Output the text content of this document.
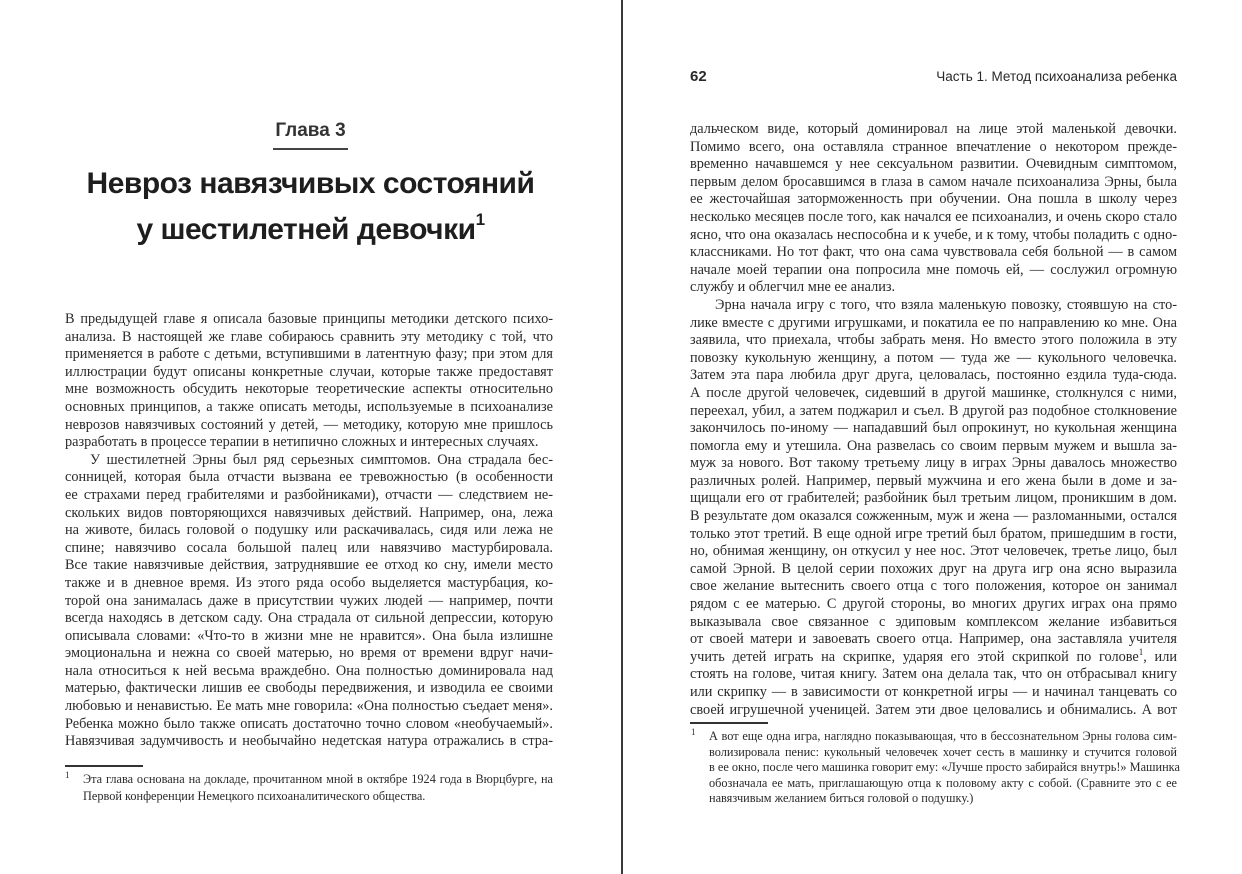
Глава 3
Невроз навязчивых состояний
у шестилетней девочки$^1$
В предыдущей главе я описала базовые принципы методики детского психо-
анализа. В настоящей же главе собираюсь сравнить эту методику с той, что
применяется в работе с детьми, вступившими в латентную фазу; при этом для
иллюстрации будут описаны конкретные случаи, которые также предоставят
мне возможность обсудить некоторые теоретические аспекты относительно
основных принципов, а также описать методы, используемые в психоанализе
неврозов навязчивых состояний у детей, — методику, которую мне пришлось
разработать в процессе терапии в нетипично сложных и интересных случаях.
У шестилетней Эрны был ряд серьезных симптомов. Она страдала бес-
сонницей, которая была отчасти вызвана ее тревожностью (в особенности
ее страхами перед грабителями и разбойниками), отчасти — следствием не-
скольких видов повторяющихся навязчивых действий. Например, она, лежа
на животе, билась головой о подушку или раскачивалась, сидя или лежа не
спине; навязчиво сосала большой палец или навязчиво мастурбировала.
Все такие навязчивые действия, затруднявшие ее отход ко сну, имели место
также и в дневное время. Из этого ряда особо выделяется мастурбация, ко-
торой она занималась даже в присутствии чужих людей — например, почти
всегда находясь в детском саду. Она страдала от сильной депрессии, которую
описывала словами: «Что-то в жизни мне не нравится». Она была излишне
эмоциональна и нежна со своей матерью, но время от времени вдруг начи-
нала относиться к ней весьма враждебно. Она полностью доминировала над
матерью, фактически лишив ее свободы передвижения, и изводила ее своими
любовью и ненавистью. Ее мать мне говорила: «Она полностью съедает меня».
Ребенка можно было также описать достаточно точно словом «необучаемый».
Навязчивая задумчивость и необычайно недетская натура отражались в стра-
1 Эта глава основана на докладе, прочитанном мной в октябре 1924 года в Вюрцбурге, на
Первой конференции Немецкого психоаналитического общества.
62	Часть 1. Метод психоанализа ребенка
дальческом виде, который доминировал на лице этой маленькой девочки.
Помимо всего, она оставляла странное впечатление о некотором прежде-
временно начавшемся у нее сексуальном развитии. Очевидным симптомом,
первым делом бросавшимся в глаза в самом начале психоанализа Эрны, была
ее жесточайшая заторможенность при обучении. Она пошла в школу через
несколько месяцев после того, как начался ее психоанализ, и очень скоро стало
ясно, что она оказалась неспособна и к учебе, и к тому, чтобы поладить с одно-
классниками. Но тот факт, что она сама чувствовала себя больной — в самом
начале моей терапии она попросила мне помочь ей, — сослужил огромную
службу и облегчил мне ее анализ.
Эрна начала игру с того, что взяла маленькую повозку, стоявшую на сто-
лике вместе с другими игрушками, и покатила ее по направлению ко мне. Она
заявила, что приехала, чтобы забрать меня. Но вместо этого положила в эту
повозку кукольную женщину, а потом — туда же — кукольного человечка.
Затем эта пара любила друг друга, целовалась, постоянно ездила туда-сюда.
А после другой человечек, сидевший в другой машинке, столкнулся с ними,
переехал, убил, а затем поджарил и съел. В другой раз подобное столкновение
закончилось по-иному — нападавший был опрокинут, но кукольная женщина
помогла ему и утешила. Она развелась со своим первым мужем и вышла за-
муж за нового. Вот такому третьему лицу в играх Эрны давалось множество
различных ролей. Например, первый мужчина и его жена были в доме и за-
щищали его от грабителей; разбойник был третьим лицом, проникшим в дом.
В результате дом оказался сожженным, муж и жена — разломанными, остался
только этот третий. В еще одной игре третий был братом, пришедшим в гости,
но, обнимая женщину, он откусил у нее нос. Этот человечек, третье лицо, был
самой Эрной. В целой серии похожих друг на друга игр она ясно выразила
свое желание вытеснить своего отца с того положения, которое он занимал
рядом с ее матерью. С другой стороны, во многих других играх она прямо
выказывала свое связанное с эдиповым комплексом желание избавиться
от своей матери и завоевать своего отца. Например, она заставляла учителя
учить детей играть на скрипке, ударяя его этой скрипкой по голове$^1$, или
стоять на голове, читая книгу. Затем она делала так, что он отбрасывал книгу
или скрипку — в зависимости от конкретной игры — и начинал танцевать со
своей игрушечной ученицей. Затем эти двое целовались и обнимались. А вот
1 А вот еще одна игра, наглядно показывающая, что в бессознательном Эрны голова сим-
волизировала пенис: кукольный человечек хочет сесть в машинку и стучится головой
в ее окно, после чего машинка говорит ему: «Лучше просто забирайся внутрь!» Машинка
обозначала ее мать, приглашающую отца к половому акту с собой. (Сравните это с ее
навязчивым желанием биться головой о подушку.)
